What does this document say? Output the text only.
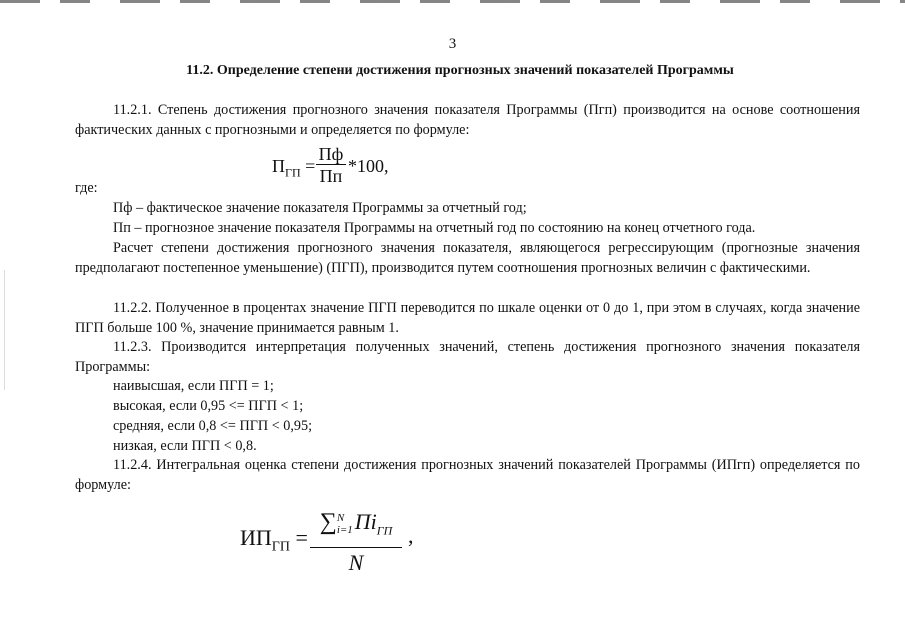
3
11.2. Определение степени достижения прогнозных значений показателей Программы

11.2.1. Степень достижения прогнозного значения показателя Программы (Пгп) производится на основе соотношения фактических данных с прогнозными и определяется по формуле:

$П_{ГП}$ =
Пф
Пп *100,
где:
Пф – фактическое значение показателя Программы за отчетный год;
Пп – прогнозное значение показателя Программы на отчетный год по состоянию на конец отчетного года.

Расчет степени достижения прогнозного значения показателя, являющегося регрессирующим (прогнозные значения предполагают постепенное уменьшение) (ПГП), производится путем соотношения прогнозных величин с фактическими.

11.2.2. Полученное в процентах значение ПГП переводится по шкале оценки от 0 до 1, при этом в случаях, когда значение ПГП больше 100 %, значение принимается равным 1.

11.2.3. Производится интерпретация полученных значений, степень достижения прогнозного значения показателя Программы:

наивысшая, если ПГП = 1;
высокая, если 0,95 <= ПГП < 1;
средняя, если 0,8 <= ПГП < 0,95;
низкая, если ПГП < 0,8.

11.2.4. Интегральная оценка степени достижения прогнозных значений показателей Программы (ИПгп) определяется по формуле:

$ИП_{ГП}$ =
∑N
$i=1Пi_{ГП}$
N
,
